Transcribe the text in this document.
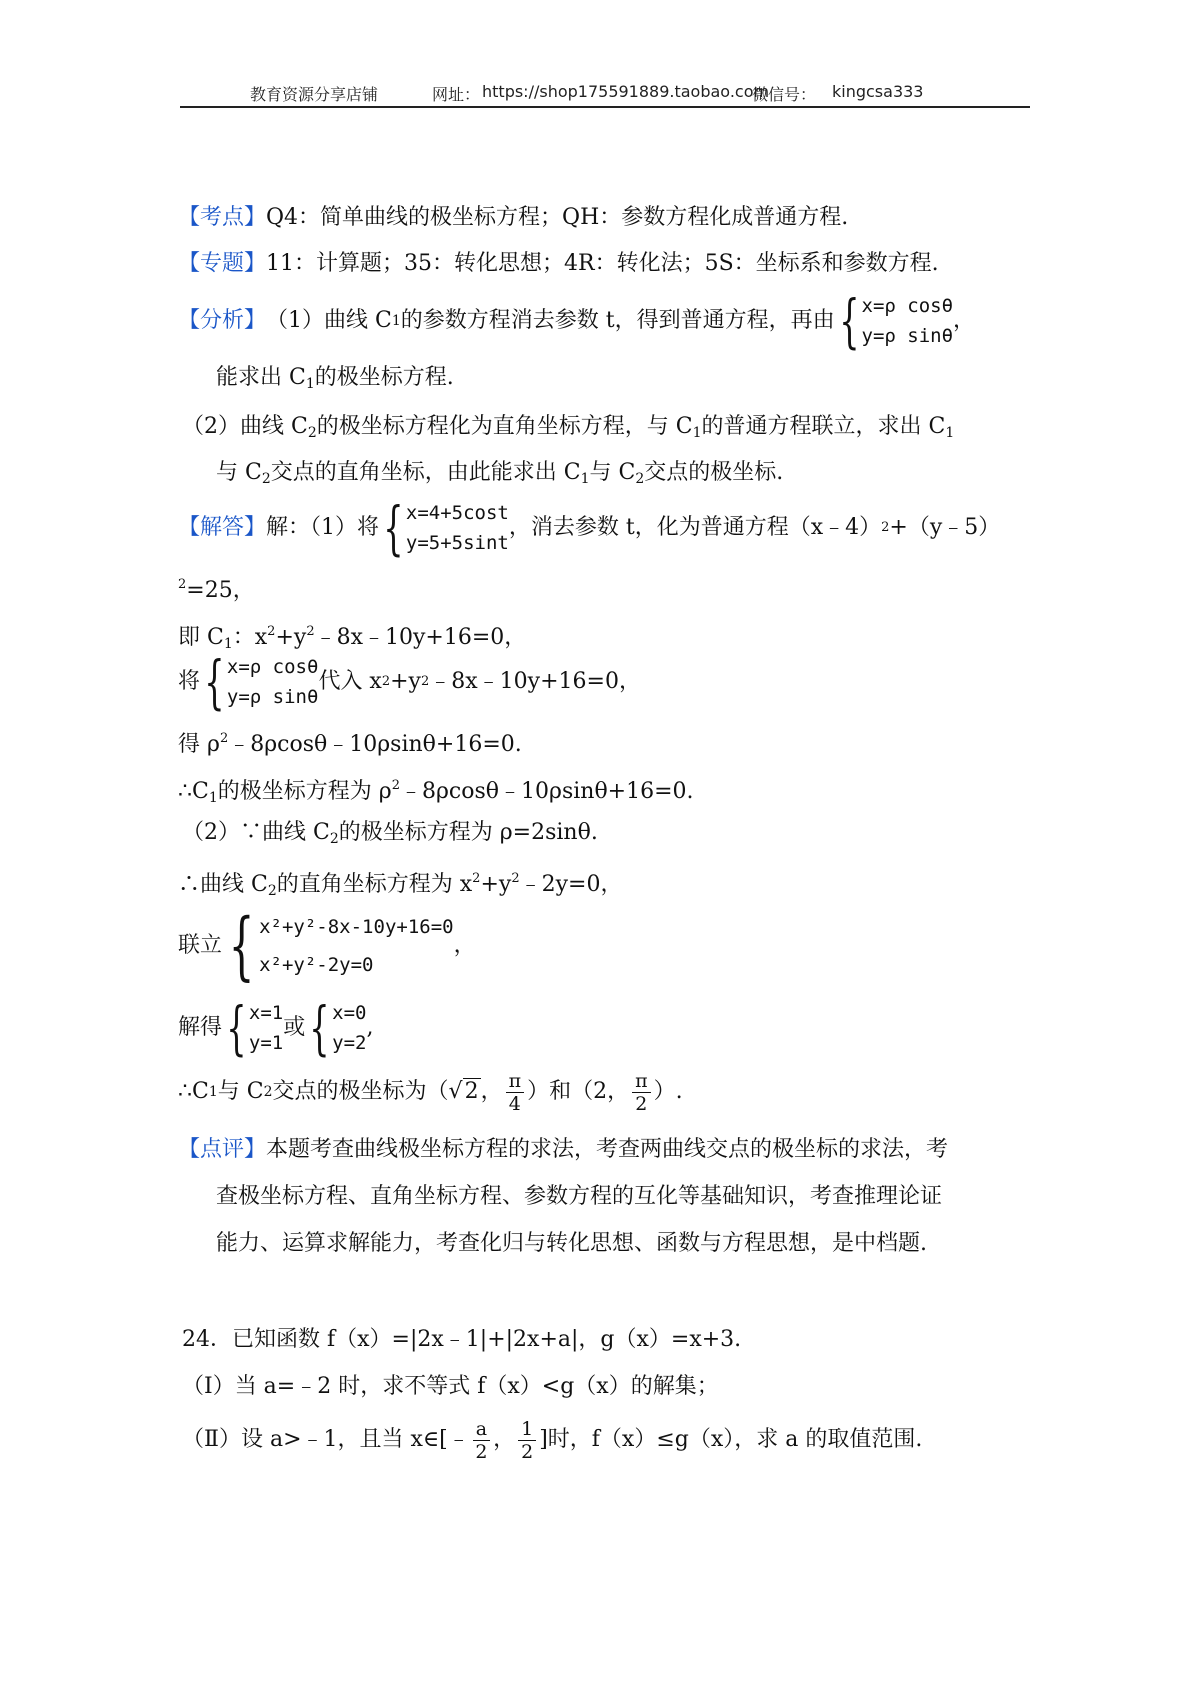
教育资源分享店铺	网址： https://shop175591889.taobao.com
微信号： kingcsa333
【考点】Q4：简单曲线的极坐标方程；QH：参数方程化成普通方程.
【专题】11：计算题；35：转化思想；4R：转化法；5S：坐标系和参数方程.
【分析】 （1）曲线 C 1 的参数方程消去参数 t，得到普通方程，再由 { x=ρ cosθ
y=ρ sinθ
，
能求出 $C_1$的极坐标方程.
（2）曲线 $C_2$的极坐标方程化为直角坐标方程，与 $C_1$的普通方程联立，求出 $C_1$
与 $C_2$交点的直角坐标，由此能求出 $C_1$与 $C_2$交点的极坐标.
【解答】 解：（1）将 { x=4+5cost
y=5+5sint
，消去参数 t，化为普通方程（x﹣4） 2 +（y﹣5）
$^2$=25，
即 $C_1$：$x^2+y^2﹣8x﹣10y+16=0$，
将 { x=ρ cosθ
y=ρ sinθ
代入 x 2 +y 2 ﹣8x﹣10y+16=0，
得 $\rho^2﹣8\rho\cos\theta﹣10\rho\sin\theta+16=0$.
$\therefore C_1$的极坐标方程为 $\rho^2﹣8\rho\cos\theta﹣10\rho\sin\theta+16=0$.
（2）∵曲线 $C_2$的极坐标方程为 ρ=2sinθ.
∴曲线 $C_2$的直角坐标方程为 $x^2+y^2﹣2y=0$，
联立 { x²+y²-8x-10y+16=0
x²+y²-2y=0
，
解得 { x=1
y=1
或 { x=0
y=2
,
∴C 1 与 C 2 交点的极坐标为（ √2 ， $\frac{\pi}{4}$ ）和（2， $\frac{\pi}{2}$ ）.
【点评】本题考查曲线极坐标方程的求法，考查两曲线交点的极坐标的求法，考
查极坐标方程、直角坐标方程、参数方程的互化等基础知识，考查推理论证
能力、运算求解能力，考查化归与转化思想、函数与方程思想，是中档题.
24．已知函数 f（x）=|2x﹣1|+|2x+a|，g（x）=x+3.
（Ⅰ）当 a=﹣2 时，求不等式 f（x）<g（x）的解集；
（Ⅱ）设 a>﹣1，且当 x∈[﹣ $\frac{a}{2}$ ， $\frac{1}{2}$ ]时，f（x）≤g（x），求 a 的取值范围.
